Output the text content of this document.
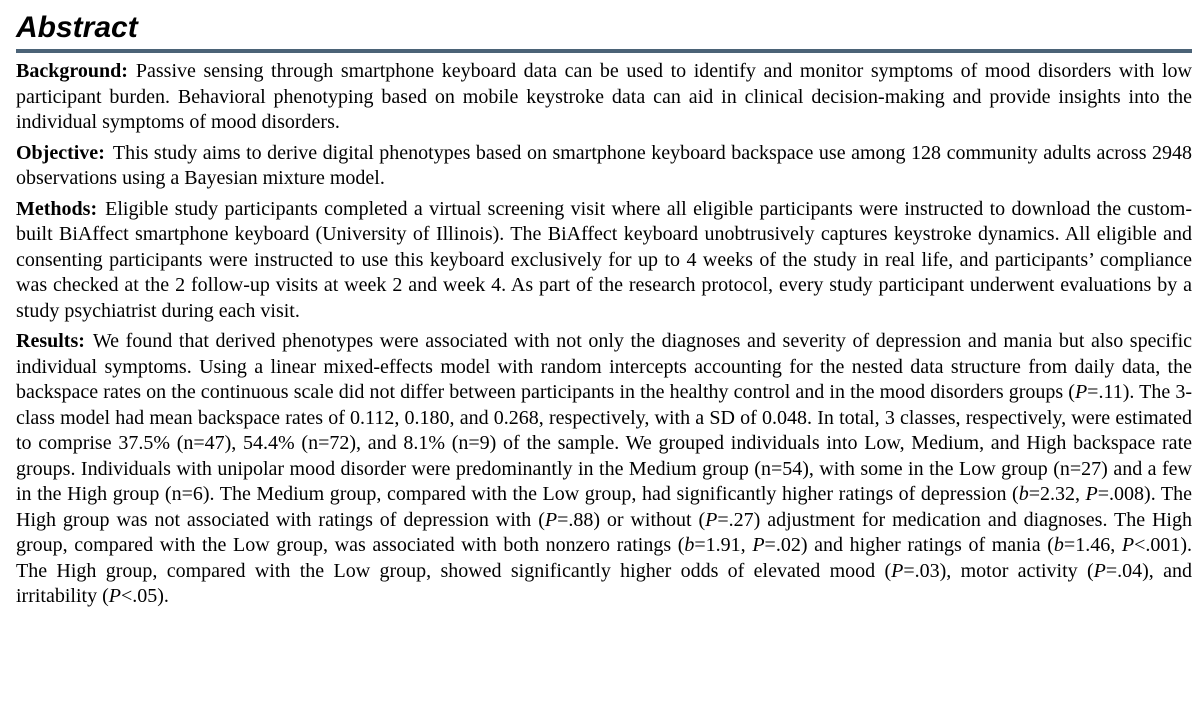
Abstract

Background: Passive sensing through smartphone keyboard data can be used to identify and monitor symptoms of mood disorders with low participant burden. Behavioral phenotyping based on mobile keystroke data can aid in clinical decision-making and provide insights into the individual symptoms of mood disorders.

Objective: This study aims to derive digital phenotypes based on smartphone keyboard backspace use among 128 community adults across 2948 observations using a Bayesian mixture model.

Methods: Eligible study participants completed a virtual screening visit where all eligible participants were instructed to download the custom-built BiAffect smartphone keyboard (University of Illinois). The BiAffect keyboard unobtrusively captures keystroke dynamics. All eligible and consenting participants were instructed to use this keyboard exclusively for up to 4 weeks of the study in real life, and participants’ compliance was checked at the 2 follow-up visits at week 2 and week 4. As part of the research protocol, every study participant underwent evaluations by a study psychiatrist during each visit.

Results: We found that derived phenotypes were associated with not only the diagnoses and severity of depression and mania but also specific individual symptoms. Using a linear mixed-effects model with random intercepts accounting for the nested data structure from daily data, the backspace rates on the continuous scale did not differ between participants in the healthy control and in the mood disorders groups (P=.11). The 3-class model had mean backspace rates of 0.112, 0.180, and 0.268, respectively, with a SD of 0.048. In total, 3 classes, respectively, were estimated to comprise 37.5% (n=47), 54.4% (n=72), and 8.1% (n=9) of the sample. We grouped individuals into Low, Medium, and High backspace rate groups. Individuals with unipolar mood disorder were predominantly in the Medium group (n=54), with some in the Low group (n=27) and a few in the High group (n=6). The Medium group, compared with the Low group, had significantly higher ratings of depression (b=2.32, P=.008). The High group was not associated with ratings of depression with (P=.88) or without (P=.27) adjustment for medication and diagnoses. The High group, compared with the Low group, was associated with both nonzero ratings (b=1.91, P=.02) and higher ratings of mania (b=1.46, P<.001). The High group, compared with the Low group, showed significantly higher odds of elevated mood (P=.03), motor activity (P=.04), and irritability (P<.05).
